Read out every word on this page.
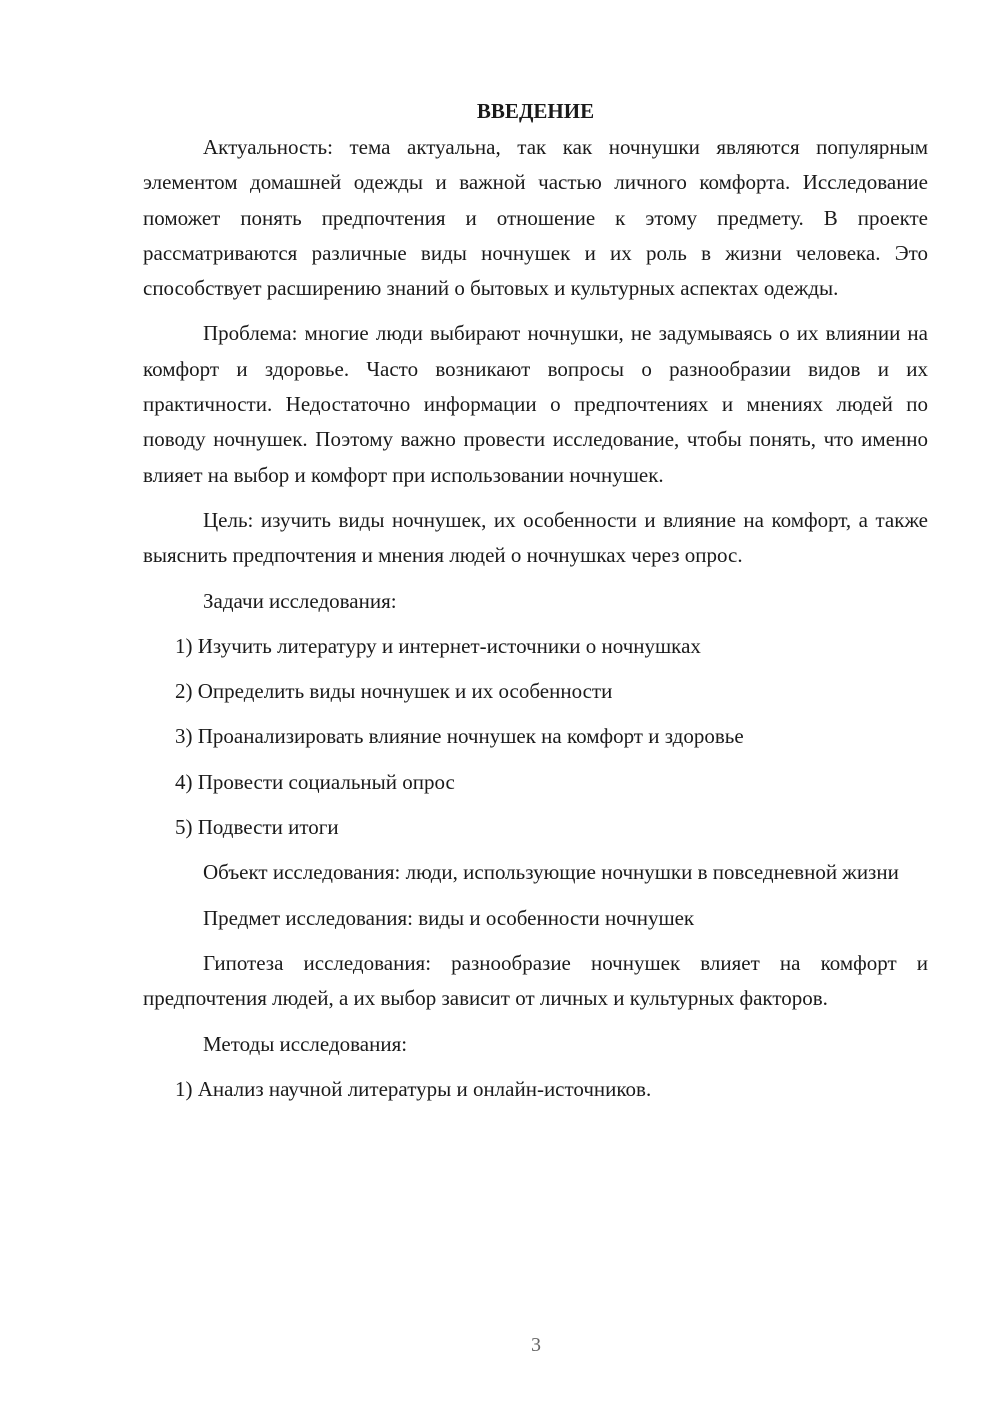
ВВЕДЕНИЕ

Актуальность: тема актуальна, так как ночнушки являются популярным элементом домашней одежды и важной частью личного комфорта. Исследование поможет понять предпочтения и отношение к этому предмету. В проекте рассматриваются различные виды ночнушек и их роль в жизни человека. Это способствует расширению знаний о бытовых и культурных аспектах одежды.

Проблема: многие люди выбирают ночнушки, не задумываясь о их влиянии на комфорт и здоровье. Часто возникают вопросы о разнообразии видов и их практичности. Недостаточно информации о предпочтениях и мнениях людей по поводу ночнушек. Поэтому важно провести исследование, чтобы понять, что именно влияет на выбор и комфорт при использовании ночнушек.

Цель: изучить виды ночнушек, их особенности и влияние на комфорт, а также выяснить предпочтения и мнения людей о ночнушках через опрос.

Задачи исследования:

1) Изучить литературу и интернет-источники о ночнушках

2) Определить виды ночнушек и их особенности

3) Проанализировать влияние ночнушек на комфорт и здоровье

4) Провести социальный опрос

5) Подвести итоги

Объект исследования: люди, использующие ночнушки в повседневной жизни

Предмет исследования: виды и особенности ночнушек

Гипотеза исследования: разнообразие ночнушек влияет на комфорт и предпочтения людей, а их выбор зависит от личных и культурных факторов.

Методы исследования:

1) Анализ научной литературы и онлайн-источников.

3
